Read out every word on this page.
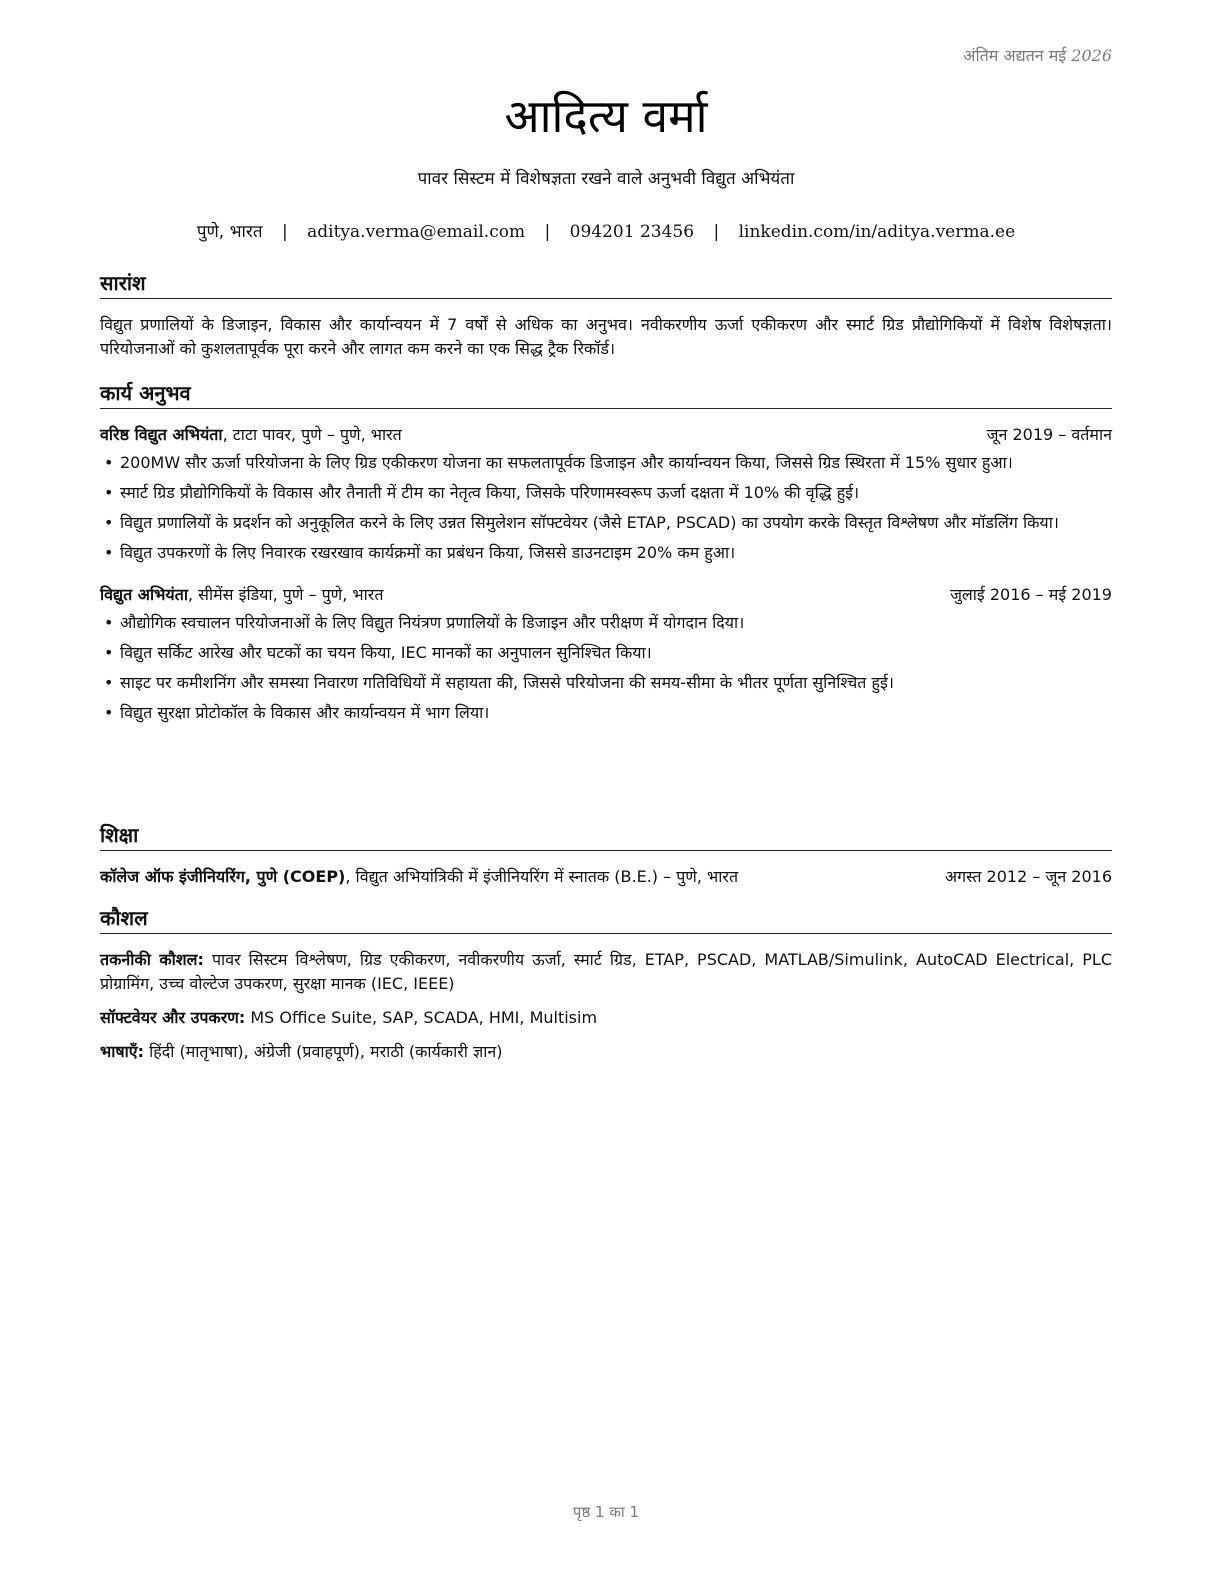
अंतिम अद्यतन मई 2026
आदित्य वर्मा
पावर सिस्टम में विशेषज्ञता रखने वाले अनुभवी विद्युत अभियंता
पुणे, भारत | aditya.verma@email.com | 094201 23456 | linkedin.com/in/aditya.verma.ee
सारांश
विद्युत प्रणालियों के डिजाइन, विकास और कार्यान्वयन में 7 वर्षों से अधिक का अनुभव। नवीकरणीय ऊर्जा एकीकरण और स्मार्ट ग्रिड प्रौद्योगिकियों में विशेष विशेषज्ञता। परियोजनाओं को कुशलतापूर्वक पूरा करने और लागत कम करने का एक सिद्ध ट्रैक रिकॉर्ड।
कार्य अनुभव
वरिष्ठ विद्युत अभियंता, टाटा पावर, पुणे – पुणे, भारत	जून 2019 – वर्तमान
• 200MW सौर ऊर्जा परियोजना के लिए ग्रिड एकीकरण योजना का सफलतापूर्वक डिजाइन और कार्यान्वयन किया, जिससे ग्रिड स्थिरता में 15% सुधार हुआ।
• स्मार्ट ग्रिड प्रौद्योगिकियों के विकास और तैनाती में टीम का नेतृत्व किया, जिसके परिणामस्वरूप ऊर्जा दक्षता में 10% की वृद्धि हुई।
• विद्युत प्रणालियों के प्रदर्शन को अनुकूलित करने के लिए उन्नत सिमुलेशन सॉफ्टवेयर (जैसे ETAP, PSCAD) का उपयोग करके विस्तृत विश्लेषण और मॉडलिंग किया।
• विद्युत उपकरणों के लिए निवारक रखरखाव कार्यक्रमों का प्रबंधन किया, जिससे डाउनटाइम 20% कम हुआ।
विद्युत अभियंता, सीमेंस इंडिया, पुणे – पुणे, भारत	जुलाई 2016 – मई 2019
• औद्योगिक स्वचालन परियोजनाओं के लिए विद्युत नियंत्रण प्रणालियों के डिजाइन और परीक्षण में योगदान दिया।
• विद्युत सर्किट आरेख और घटकों का चयन किया, IEC मानकों का अनुपालन सुनिश्चित किया।
• साइट पर कमीशनिंग और समस्या निवारण गतिविधियों में सहायता की, जिससे परियोजना की समय-सीमा के भीतर पूर्णता सुनिश्चित हुई।
• विद्युत सुरक्षा प्रोटोकॉल के विकास और कार्यान्वयन में भाग लिया।
शिक्षा
कॉलेज ऑफ इंजीनियरिंग, पुणे (COEP), विद्युत अभियांत्रिकी में इंजीनियरिंग में स्नातक (B.E.) – पुणे, भारत	अगस्त 2012 – जून 2016
कौशल
तकनीकी कौशल: पावर सिस्टम विश्लेषण, ग्रिड एकीकरण, नवीकरणीय ऊर्जा, स्मार्ट ग्रिड, ETAP, PSCAD, MATLAB/Simulink, AutoCAD Electrical, PLC प्रोग्रामिंग, उच्च वोल्टेज उपकरण, सुरक्षा मानक (IEC, IEEE)
सॉफ्टवेयर और उपकरण: MS Office Suite, SAP, SCADA, HMI, Multisim
भाषाएँ: हिंदी (मातृभाषा), अंग्रेजी (प्रवाहपूर्ण), मराठी (कार्यकारी ज्ञान)
पृष्ठ 1 का 1
